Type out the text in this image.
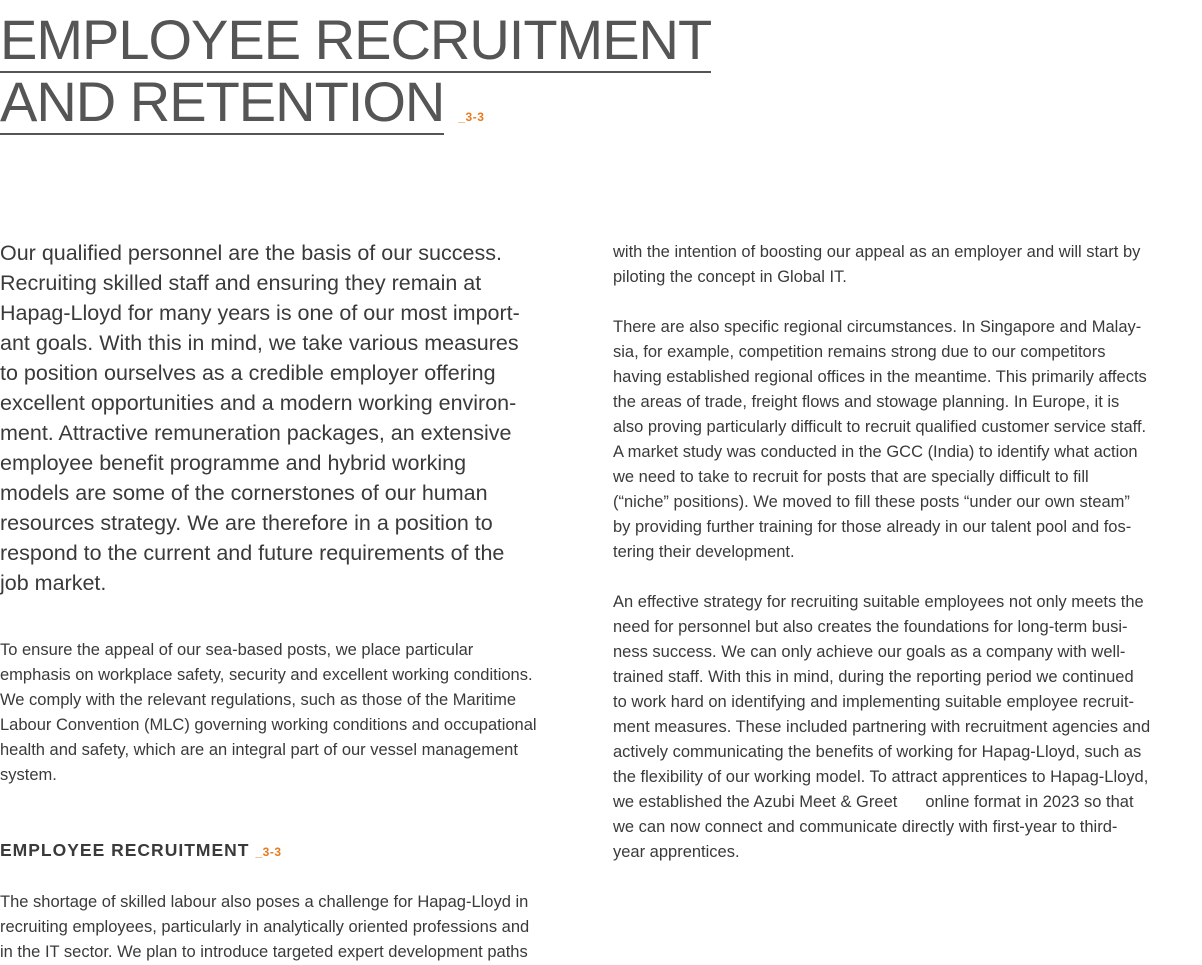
EMPLOYEE RECRUITMENT
AND RETENTION _3-3

Our qualified personnel are the basis of our success.
Recruiting skilled staff and ensuring they remain at
Hapag-Lloyd for many years is one of our most import-
ant goals. With this in mind, we take various measures
to position ourselves as a credible employer offering
excellent opportunities and a modern working environ-
ment. Attractive remuneration packages, an extensive
employee benefit programme and hybrid working
models are some of the cornerstones of our human
resources strategy. We are therefore in a position to
respond to the current and future requirements of the
job market.

To ensure the appeal of our sea-based posts, we place particular
emphasis on workplace safety, security and excellent working conditions.
We comply with the relevant regulations, such as those of the Maritime
Labour Convention (MLC) governing working conditions and occupational
health and safety, which are an integral part of our vessel management
system.

EMPLOYEE RECRUITMENT _3-3

The shortage of skilled labour also poses a challenge for Hapag-Lloyd in
recruiting employees, particularly in analytically oriented professions and
in the IT sector. We plan to introduce targeted expert development paths

with the intention of boosting our appeal as an employer and will start by
piloting the concept in Global IT.

There are also specific regional circumstances. In Singapore and Malay-
sia, for example, competition remains strong due to our competitors
having established regional offices in the meantime. This primarily affects
the areas of trade, freight flows and stowage planning. In Europe, it is
also proving particularly difficult to recruit qualified customer service staff.
A market study was conducted in the GCC (India) to identify what action
we need to take to recruit for posts that are specially difficult to fill
(“niche” positions). We moved to fill these posts “under our own steam”
by providing further training for those already in our talent pool and fos-
tering their development.

An effective strategy for recruiting suitable employees not only meets the
need for personnel but also creates the foundations for long-term busi-
ness success. We can only achieve our goals as a company with well-
trained staff. With this in mind, during the reporting period we continued
to work hard on identifying and implementing suitable employee recruit-
ment measures. These included partnering with recruitment agencies and
actively communicating the benefits of working for Hapag-Lloyd, such as
the flexibility of our working model. To attract apprentices to Hapag-Lloyd,
we established the Azubi Meet & Greet online format in 2023 so that
we can now connect and communicate directly with first-year to third-
year apprentices.
